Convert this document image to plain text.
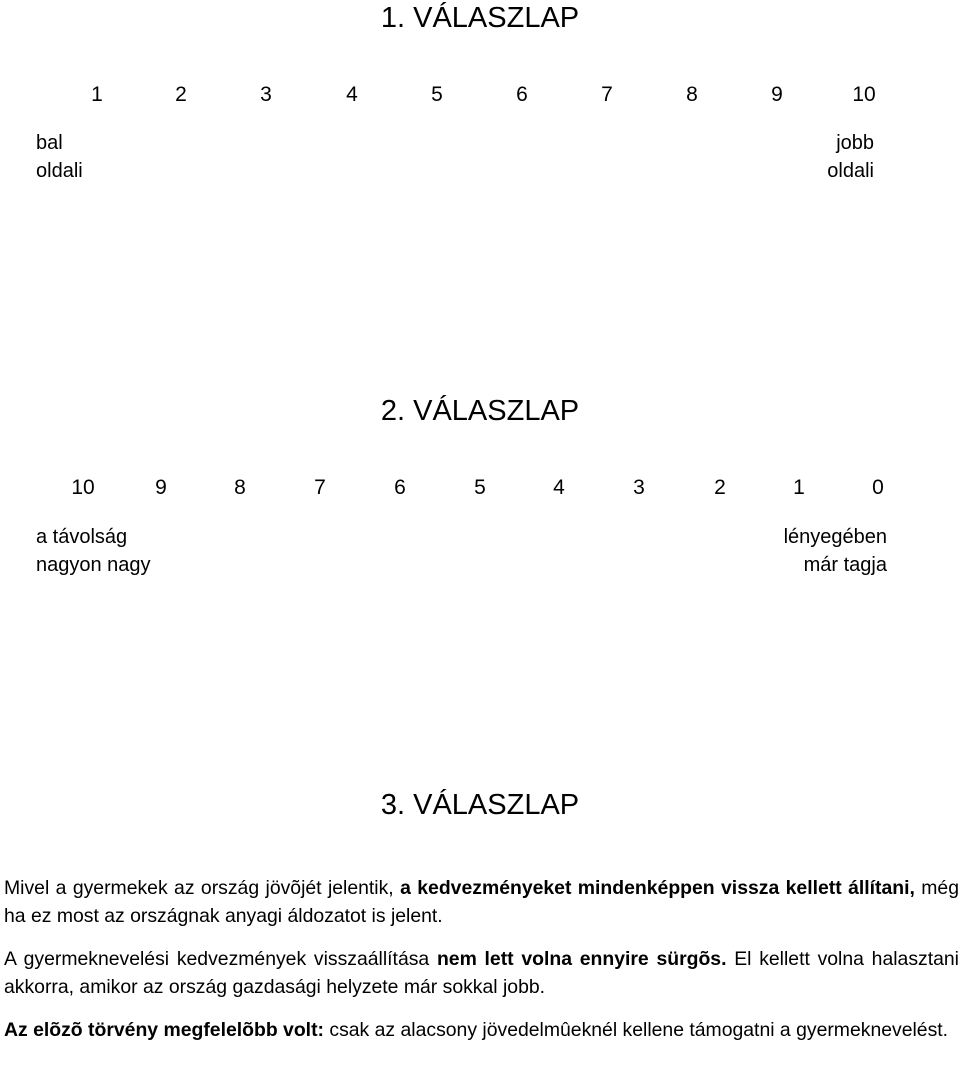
1. VÁLASZLAP
1	2	3	4	5	6	7	8	9	10
bal
oldali
jobb
oldali
2. VÁLASZLAP
10	9	8	7	6	5	4	3	2	1	0
a távolság
nagyon nagy
lényegében
már tagja
3. VÁLASZLAP
Mivel a gyermekek az ország jövõjét jelentik, a kedvezményeket mindenképpen vissza kellett állítani, még ha ez most az országnak anyagi áldozatot is jelent.
A gyermeknevelési kedvezmények visszaállítása nem lett volna ennyire sürgõs. El kellett volna halasztani akkorra, amikor az ország gazdasági helyzete már sokkal jobb.
Az elõzõ törvény megfelelõbb volt: csak az alacsony jövedelmûeknél kellene támogatni a gyermeknevelést.
